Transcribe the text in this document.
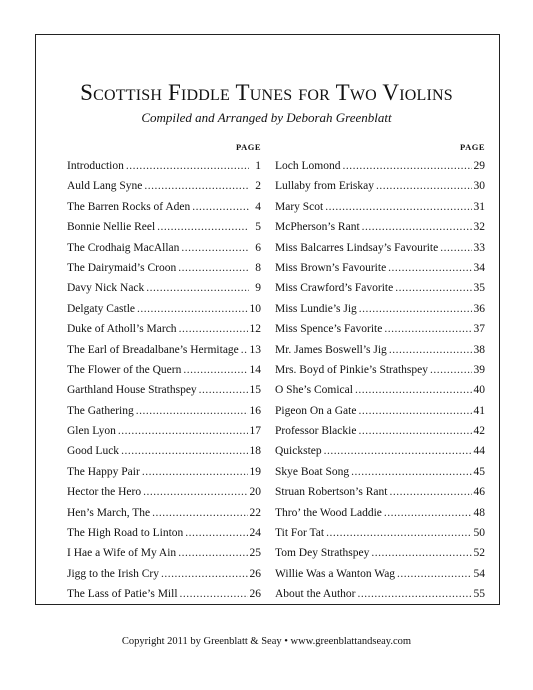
Scottish Fiddle Tunes for Two Violins
Compiled and Arranged by Deborah Greenblatt
PAGE
Introduction .....	1
Auld Lang Syne .....	2
The Barren Rocks of Aden .....	4
Bonnie Nellie Reel .....	5
The Crodhaig MacAllan .....	6
The Dairymaid’s Croon .....	8
Davy Nick Nack .....	9
Delgaty Castle .....	10
Duke of Atholl’s March .....	12
The Earl of Breadalbane’s Hermitage ..... 13
The Flower of the Quern .....	14
Garthland House Strathspey .....	15
The Gathering .....	16
Glen Lyon .....	17
Good Luck .....	18
The Happy Pair .....	19
Hector the Hero .....	20
Hen’s March, The .....	22
The High Road to Linton .....	24
I Hae a Wife of My Ain .....	25
Jigg to the Irish Cry .....	26
The Lass of Patie’s Mill .....	26
PAGE
Loch Lomond .....	29
Lullaby from Eriskay .....	30
Mary Scot .....	31
McPherson’s Rant .....	32
Miss Balcarres Lindsay’s Favourite .....	33
Miss Brown’s Favourite .....	34
Miss Crawford’s Favorite .....	35
Miss Lundie’s Jig .....	36
Miss Spence’s Favorite .....	37
Mr. James Boswell’s Jig .....	38
Mrs. Boyd of Pinkie’s Strathspey .....	39
O She’s Comical .....	40
Pigeon On a Gate .....	41
Professor Blackie .....	42
Quickstep .....	44
Skye Boat Song .....	45
Struan Robertson’s Rant .....	46
Thro’ the Wood Laddie .....	48
Tit For Tat .....	50
Tom Dey Strathspey .....	52
Willie Was a Wanton Wag .....	54
About the Author .....	55
Copyright 2011 by Greenblatt & Seay • www.greenblattandseay.com
